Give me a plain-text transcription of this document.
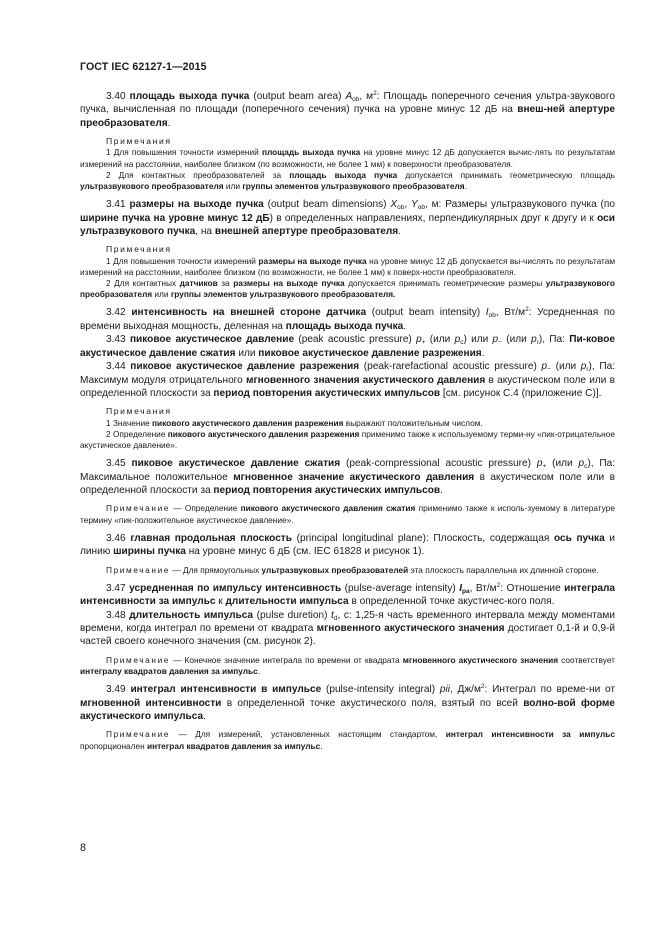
ГОСТ IEC 62127-1—2015

3.40 площадь выхода пучка (output beam area) $A_{ob}$, $м^2$: Площадь поперечного сечения ультра-звукового пучка, вычисленная по площади (поперечного сечения) пучка на уровне минус 12 дБ на внеш-ней апертуре преобразователя.

Примечания

1 Для повышения точности измерений площадь выхода пучка на уровне минус 12 дБ допускается вычис-лять по результатам измерений на расстоянии, наиболее близком (по возможности, не более 1 мм) к поверхности преобразователя.

2 Для контактных преобразователей за площадь выхода пучка допускается принимать геометрическую площадь ультразвукового преобразователя или группы элементов ультразвукового преобразователя.

3.41 размеры на выходе пучка (output beam dimensions) $X_{ob}$, $Y_{ob}$, м: Размеры ультразвукового пучка (по ширине пучка на уровне минус 12 дБ) в определенных направлениях, перпендикулярных друг к другу и к оси ультразвукового пучка, на внешней апертуре преобразователя.

Примечания

1 Для повышения точности измерений размеры на выходе пучка на уровне минус 12 дБ допускается вы-числять по результатам измерений на расстоянии, наиболее близком (по возможности, не более 1 мм) к поверх-ности преобразователя.

2 Для контактных датчиков за размеры на выходе пучка допускается принимать геометрические размеры ультразвукового преобразователя или группы элементов ультразвукового преобразователя.

3.42 интенсивность на внешней стороне датчика (output beam intensity) $I_{ob}$, $Вт/м^2$: Усредненная по времени выходная мощность, деленная на площадь выхода пучка.

3.43 пиковое акустическое давление (peak acoustic pressure) $p_+$ (или $p_c$) или $p_-$ (или $p_r$), Па: Пи-ковое акустическое давление сжатия или пиковое акустическое давление разрежения.

3.44 пиковое акустическое давление разрежения (peak-rarefactional acoustic pressure) $p_-$ (или $p_r$), Па: Максимум модуля отрицательного мгновенного значения акустического давления в акустическом поле или в определенной плоскости за период повторения акустических импульсов [см. рисунок С.4 (приложение С)].

Примечания

1 Значение пикового акустического давления разрежения выражают положительным числом.

2 Определение пикового акустического давления разрежения применимо также к используемому терми-ну «пик-отрицательное акустическое давление».

3.45 пиковое акустическое давление сжатия (peak-compressional acoustic pressure) $p_+$ (или $p_c$), Па: Максимальное положительное мгновенное значение акустического давления в акустическом поле или в определенной плоскости за период повторения акустических импульсов.

Примечание — Определение пикового акустического давления сжатия применимо также к исполь-зуемому в литературе термину «пик-положительное акустическое давление».

3.46 главная продольная плоскость (principal longitudinal plane): Плоскость, содержащая ось пучка и линию ширины пучка на уровне минус 6 дБ (см. IEC 61828 и рисунок 1).

Примечание — Для прямоугольных ультразвуковых преобразователей эта плоскость параллельна их длинной стороне.

3.47 усредненная по импульсу интенсивность (pulse-average intensity) $I_{pa}$, $Вт/м^2$: Отношение интеграла интенсивности за импульс к длительности импульса в определенной точке акустичес-кого поля.

3.48 длительность импульса (pulse duretion) $t_d$, с: 1,25-я часть временного интервала между моментами времени, когда интеграл по времени от квадрата мгновенного акустического значения достигает 0,1-й и 0,9-й частей своего конечного значения (см. рисунок 2).

Примечание — Конечное значение интеграла по времени от квадрата мгновенного акустического значения соответствует интегралу квадратов давления за импульс.

3.49 интеграл интенсивности в импульсе (pulse-intensity integral) pii, $Дж/м^2$: Интеграл по време-ни от мгновенной интенсивности в определенной точке акустического поля, взятый по всей волно-вой форме акустического импульса.

Примечание — Для измерений, установленных настоящим стандартом, интеграл интенсивности за импульс пропорционален интеграл квадратов давления за импульс.

8
